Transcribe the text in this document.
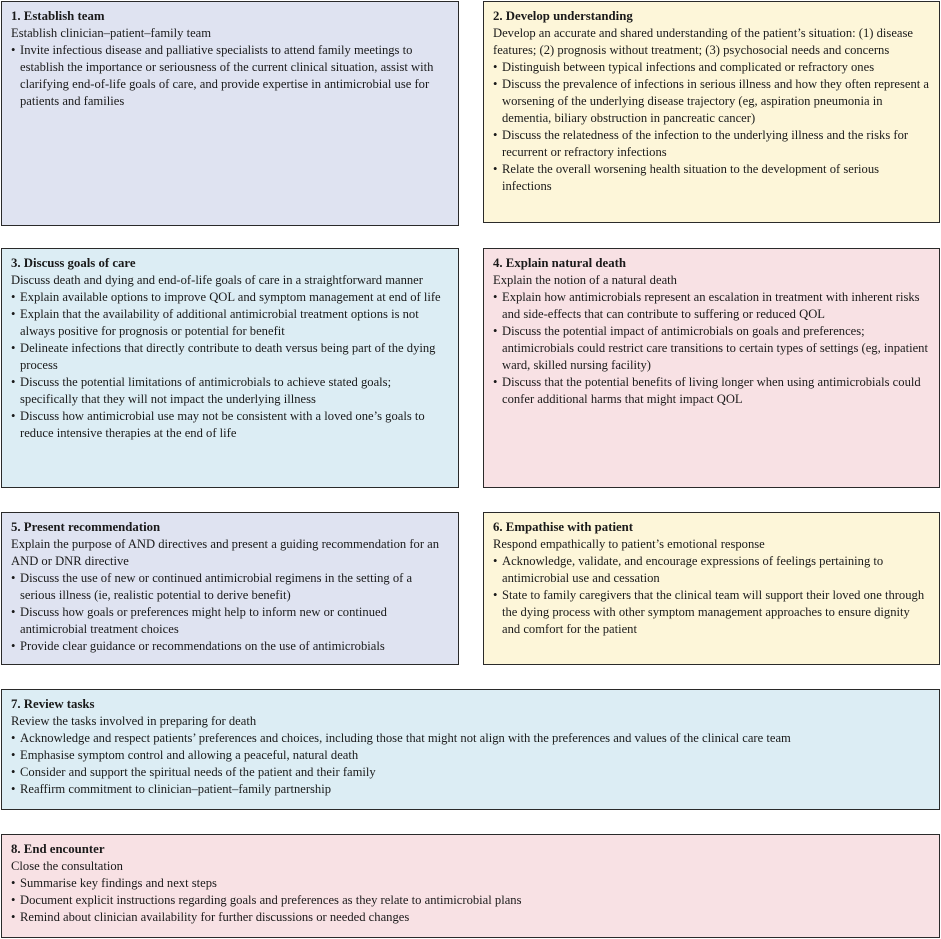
1. Establish team
Establish clinician–patient–family team
• Invite infectious disease and palliative specialists to attend family meetings to establish the importance or seriousness of the current clinical situation, assist with clarifying end-of-life goals of care, and provide expertise in antimicrobial use for patients and families
2. Develop understanding
Develop an accurate and shared understanding of the patient’s situation: (1) disease features; (2) prognosis without treatment; (3) psychosocial needs and concerns
• Distinguish between typical infections and complicated or refractory ones
• Discuss the prevalence of infections in serious illness and how they often represent a worsening of the underlying disease trajectory (eg, aspiration pneumonia in dementia, biliary obstruction in pancreatic cancer)
• Discuss the relatedness of the infection to the underlying illness and the risks for recurrent or refractory infections
• Relate the overall worsening health situation to the development of serious infections
3. Discuss goals of care
Discuss death and dying and end-of-life goals of care in a straightforward manner
• Explain available options to improve QOL and symptom management at end of life
• Explain that the availability of additional antimicrobial treatment options is not always positive for prognosis or potential for benefit
• Delineate infections that directly contribute to death versus being part of the dying process
• Discuss the potential limitations of antimicrobials to achieve stated goals; specifically that they will not impact the underlying illness
• Discuss how antimicrobial use may not be consistent with a loved one’s goals to reduce intensive therapies at the end of life
4. Explain natural death
Explain the notion of a natural death
• Explain how antimicrobials represent an escalation in treatment with inherent risks and side-effects that can contribute to suffering or reduced QOL
• Discuss the potential impact of antimicrobials on goals and preferences; antimicrobials could restrict care transitions to certain types of settings (eg, inpatient ward, skilled nursing facility)
• Discuss that the potential benefits of living longer when using antimicrobials could confer additional harms that might impact QOL
5. Present recommendation
Explain the purpose of AND directives and present a guiding recommendation for an AND or DNR directive
• Discuss the use of new or continued antimicrobial regimens in the setting of a serious illness (ie, realistic potential to derive benefit)
• Discuss how goals or preferences might help to inform new or continued antimicrobial treatment choices
• Provide clear guidance or recommendations on the use of antimicrobials
6. Empathise with patient
Respond empathically to patient’s emotional response
• Acknowledge, validate, and encourage expressions of feelings pertaining to antimicrobial use and cessation
• State to family caregivers that the clinical team will support their loved one through the dying process with other symptom management approaches to ensure dignity and comfort for the patient
7. Review tasks
Review the tasks involved in preparing for death
• Acknowledge and respect patients’ preferences and choices, including those that might not align with the preferences and values of the clinical care team
• Emphasise symptom control and allowing a peaceful, natural death
• Consider and support the spiritual needs of the patient and their family
• Reaffirm commitment to clinician–patient–family partnership
8. End encounter
Close the consultation
• Summarise key findings and next steps
• Document explicit instructions regarding goals and preferences as they relate to antimicrobial plans
• Remind about clinician availability for further discussions or needed changes
